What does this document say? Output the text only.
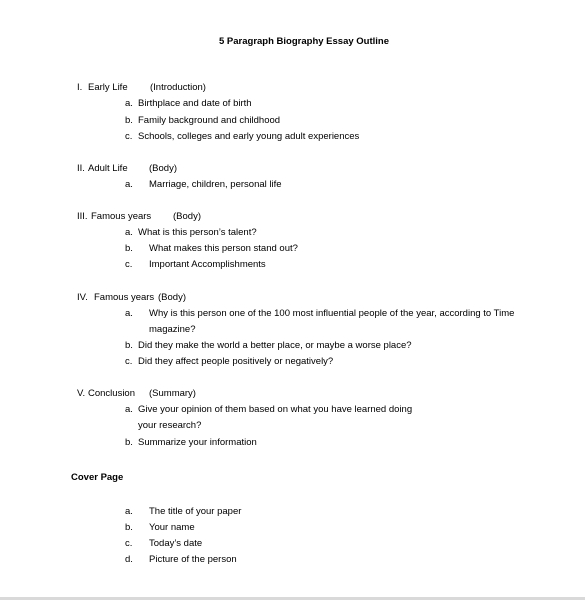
5 Paragraph Biography Essay Outline
I. Early Life (Introduction)
a. Birthplace and date of birth
b. Family background and childhood
c. Schools, colleges and early young adult experiences
II. Adult Life (Body)
a. Marriage, children, personal life
III. Famous years (Body)
a. What is this person’s talent?
b. What makes this person stand out?
c. Important Accomplishments
IV. Famous years (Body)
a. Why is this person one of the 100 most influential people of the year, according to Time
magazine?
b. Did they make the world a better place, or maybe a worse place?
c. Did they affect people positively or negatively?
V. Conclusion (Summary)
a. Give your opinion of them based on what you have learned doing
your research?
b. Summarize your information
Cover Page
a. The title of your paper
b. Your name
c. Today’s date
d. Picture of the person
